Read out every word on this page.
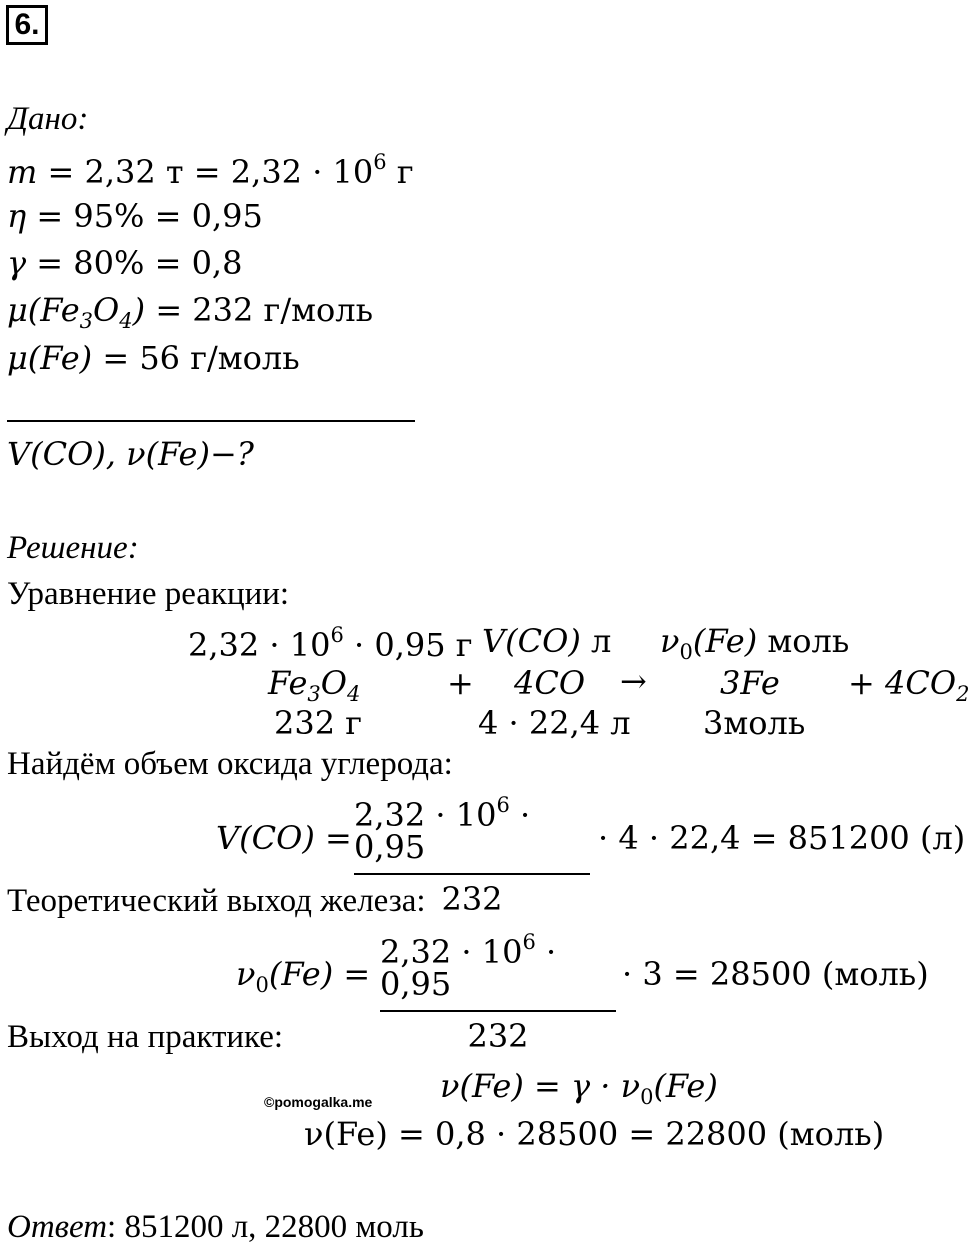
6.
Дано:
m = 2,32 $т = 2,32 \cdot 10^6$ г
η = 95% = 0,95
γ = 80% = 0,8
$\mu(Fe_3O_4) = 232$ г/моль
μ(Fe) = 56 г/моль
V(CO), ν(Fe)−?
Решение:
Уравнение реакции:
$2,32 \cdot 10^6 \cdot 0,95$ г V(CO) л $\nu_0(Fe)$ моль
$Fe_3O_4$	+ $4CO \to 3Fe + 4CO_2$
232 г	4 · 22,4 л 3моль
Найдём объем оксида углерода:
V(CO) =
$2,32 \cdot 10^6 \cdot 0,95$
232
· 4 · 22,4 = 851200 (л)
Теоретический выход железа:
$\nu_0(Fe)$ =
$2,32 \cdot 10^6 \cdot 0,95$
232
· 3 = 28500 (моль)
Выход на практике:
$\nu(Fe) = \gamma \cdot \nu_0(Fe)$
©pomogalka.me
ν(Fe) = 0,8 · 28500 = 22800 (моль)
Ответ: 851200 л, 22800 моль
